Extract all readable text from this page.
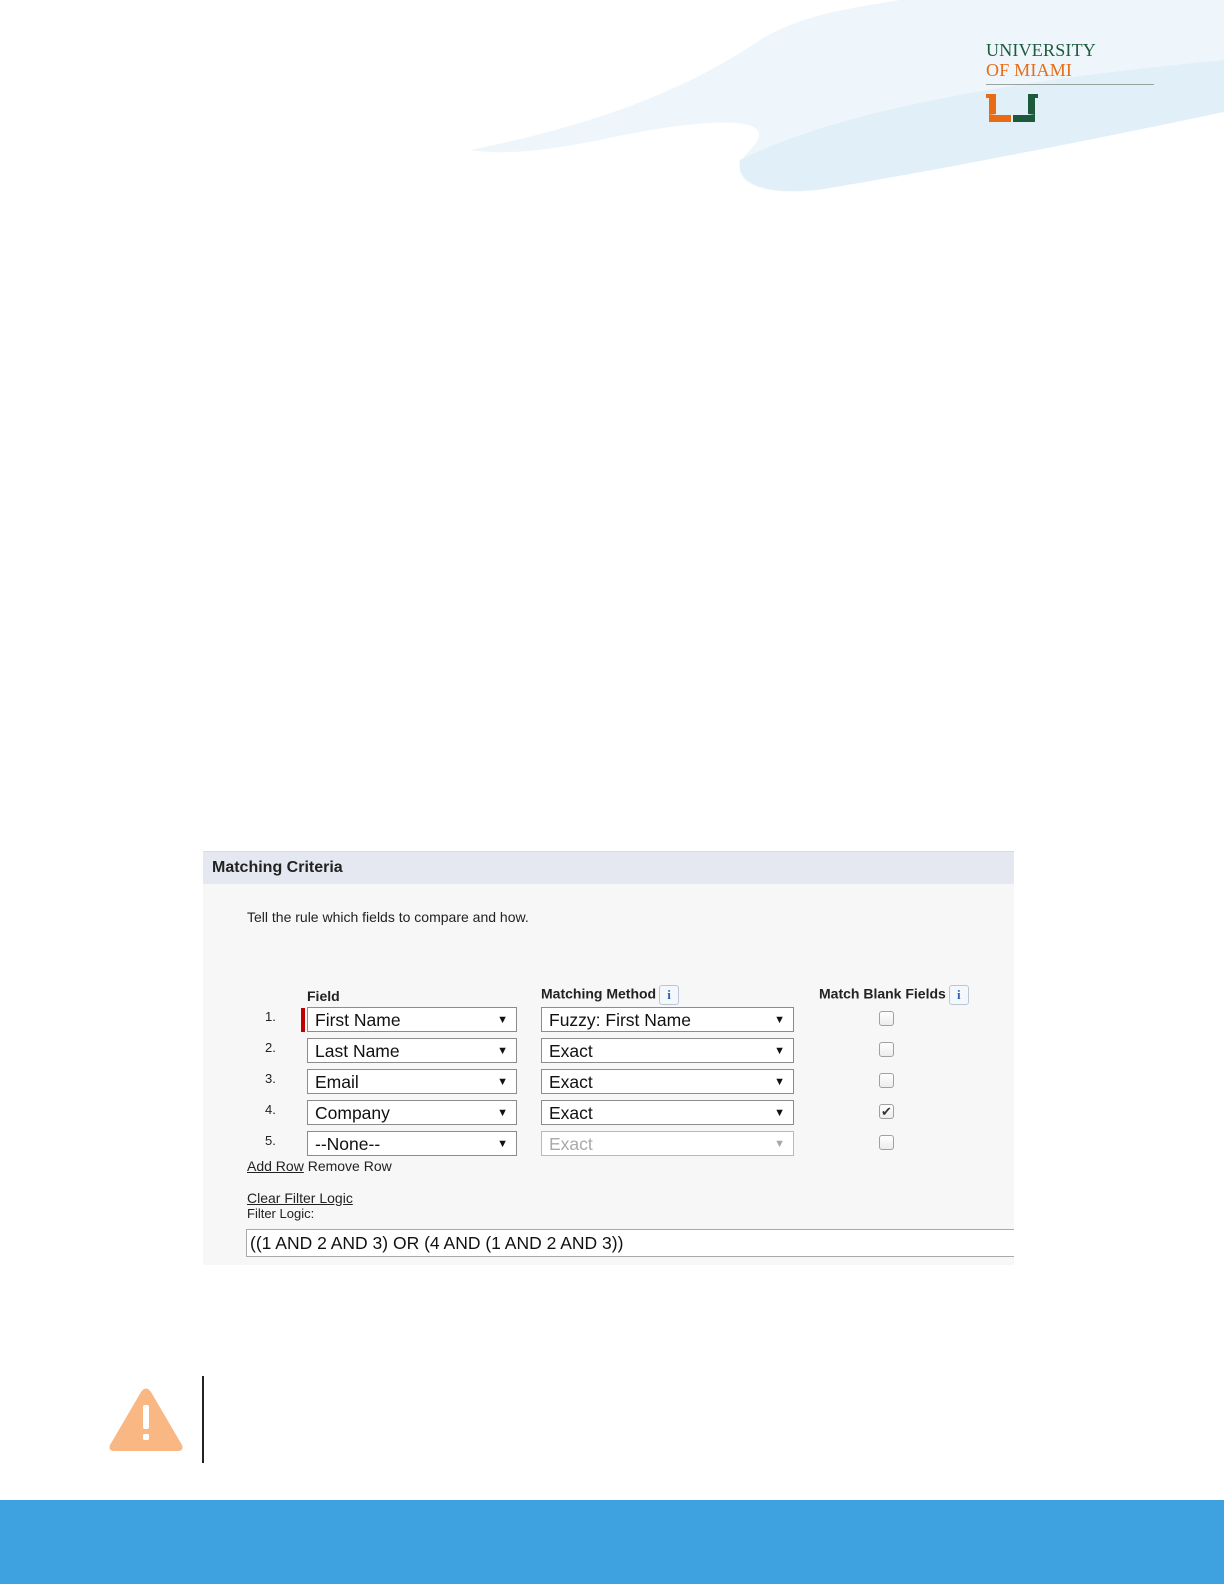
UNIVERSITY
OF MIAMI
Matching Criteria
Tell the rule which fields to compare and how.
Field	Matching Method i	Match Blank Fields i
1.	First Name	▼	Fuzzy: First Name	▼
2.	Last Name	▼	Exact	▼
3.	Email	▼	Exact	▼
4.	Company	▼	Exact	▼	✔
5.	--None--	▼	Exact	▼
Add Row Remove Row
Clear Filter Logic
Filter Logic:
((1 AND 2 AND 3) OR (4 AND (1 AND 2 AND 3))
